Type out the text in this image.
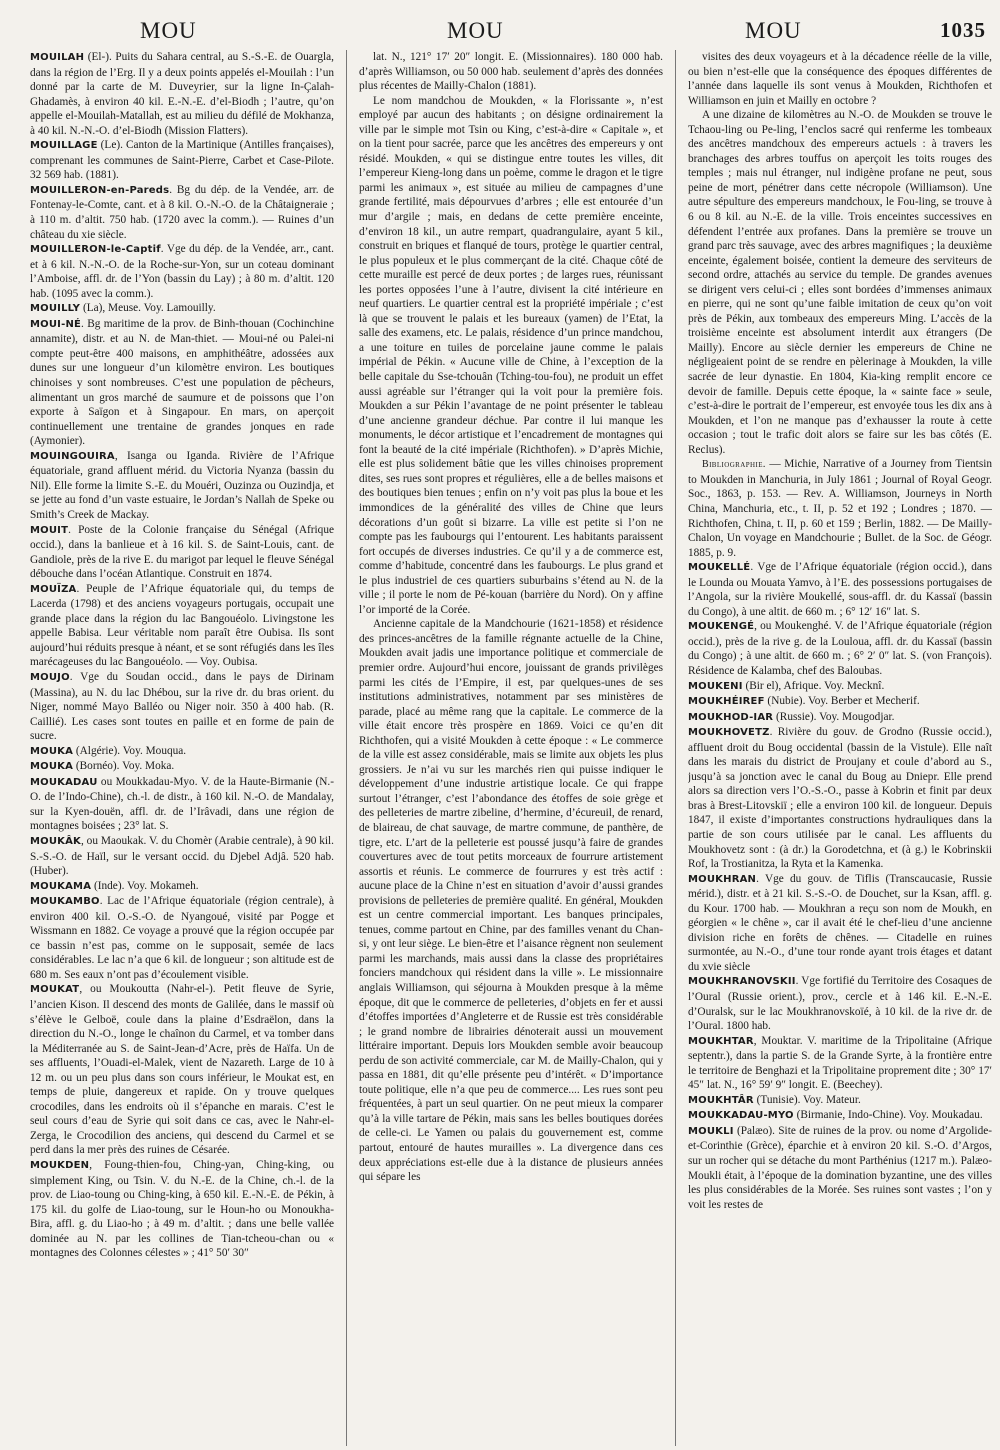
MOU	MOU	MOU	1035

MOUILAH (El-). Puits du Sahara central, au S.-S.-E. de Ouargla, dans la région de l’Erg. Il y a deux points appelés el-Mouilah : l’un donné par la carte de M. Duveyrier, sur la ligne In-Çalah-Ghadamès, à environ 40 kil. E.-N.-E. d’el-Biodh ; l’autre, qu’on appelle el-Mouilah-Matallah, est au milieu du défilé de Mokhanza, à 40 kil. N.-N.-O. d’el-Biodh (Mission Flatters).

MOUILLAGE (Le). Canton de la Martinique (Antilles françaises), comprenant les communes de Saint-Pierre, Carbet et Case-Pilote. 32 569 hab. (1881).

MOUILLERON-en-Pareds. Bg du dép. de la Vendée, arr. de Fontenay-le-Comte, cant. et à 8 kil. O.-N.-O. de la Châtaigneraie ; à 110 m. d’altit. 750 hab. (1720 avec la comm.). — Ruines d’un château du xie siècle.

MOUILLERON-le-Captif. Vge du dép. de la Vendée, arr., cant. et à 6 kil. N.-N.-O. de la Roche-sur-Yon, sur un coteau dominant l’Amboise, affl. dr. de l’Yon (bassin du Lay) ; à 80 m. d’altit. 120 hab. (1095 avec la comm.).

MOUILLY (La), Meuse. Voy. Lamouilly.

MOUI-NÉ. Bg maritime de la prov. de Binh-thouan (Cochinchine annamite), distr. et au N. de Man-thiet. — Moui-né ou Palei-ni compte peut-être 400 maisons, en amphithéâtre, adossées aux dunes sur une longueur d’un kilomètre environ. Les boutiques chinoises y sont nombreuses. C’est une population de pêcheurs, alimentant un gros marché de saumure et de poissons que l’on exporte à Saïgon et à Singapour. En mars, on aperçoit continuellement une trentaine de grandes jonques en rade (Aymonier).

MOUINGOUIRA, Isanga ou Iganda. Rivière de l’Afrique équatoriale, grand affluent mérid. du Victoria Nyanza (bassin du Nil). Elle forme la limite S.-E. du Mouéri, Ouzinza ou Ouzindja, et se jette au fond d’un vaste estuaire, le Jordan’s Nallah de Speke ou Smith’s Creek de Mackay.

MOUIT. Poste de la Colonie française du Sénégal (Afrique occid.), dans la banlieue et à 16 kil. S. de Saint-Louis, cant. de Gandiole, près de la rive E. du marigot par lequel le fleuve Sénégal débouche dans l’océan Atlantique. Construit en 1874.

MOUÏZA. Peuple de l’Afrique équatoriale qui, du temps de Lacerda (1798) et des anciens voyageurs portugais, occupait une grande place dans la région du lac Bangouéolo. Livingstone les appelle Babisa. Leur véritable nom paraît être Oubisa. Ils sont aujourd’hui réduits presque à néant, et se sont réfugiés dans les îles marécageuses du lac Bangouéolo. — Voy. Oubisa.

MOUJO. Vge du Soudan occid., dans le pays de Dirinam (Massina), au N. du lac Dhébou, sur la rive dr. du bras orient. du Niger, nommé Mayo Balléo ou Niger noir. 350 à 400 hab. (R. Caillié). Les cases sont toutes en paille et en forme de pain de sucre.

MOUKA (Algérie). Voy. Mouqua.

MOUKA (Bornéo). Voy. Moka.

MOUKADAU ou Moukkadau-Myo. V. de la Haute-Birmanie (N.-O. de l’Indo-Chine), ch.-l. de distr., à 160 kil. N.-O. de Mandalay, sur la Kyen-douën, affl. dr. de l’Irâvadi, dans une région de montagnes boisées ; 23° lat. S.

MOUKÂK, ou Maoukak. V. du Chomèr (Arabie centrale), à 90 kil. S.-S.-O. de Haïl, sur le versant occid. du Djebel Adjâ. 520 hab. (Huber).

MOUKAMA (Inde). Voy. Mokameh.

MOUKAMBO. Lac de l’Afrique équatoriale (région centrale), à environ 400 kil. O.-S.-O. de Nyangoué, visité par Pogge et Wissmann en 1882. Ce voyage a prouvé que la région occupée par ce bassin n’est pas, comme on le supposait, semée de lacs considérables. Le lac n’a que 6 kil. de longueur ; son altitude est de 680 m. Ses eaux n’ont pas d’écoulement visible.

MOUKAT, ou Moukoutta (Nahr-el-). Petit fleuve de Syrie, l’ancien Kison. Il descend des monts de Galilée, dans le massif où s’élève le Gelboë, coule dans la plaine d’Esdraëlon, dans la direction du N.-O., longe le chaînon du Carmel, et va tomber dans la Méditerranée au S. de Saint-Jean-d’Acre, près de Haïfa. Un de ses affluents, l’Ouadi-el-Malek, vient de Nazareth. Large de 10 à 12 m. ou un peu plus dans son cours inférieur, le Moukat est, en temps de pluie, dangereux et rapide. On y trouve quelques crocodiles, dans les endroits où il s’épanche en marais. C’est le seul cours d’eau de Syrie qui soit dans ce cas, avec le Nahr-el-Zerga, le Crocodilion des anciens, qui descend du Carmel et se perd dans la mer près des ruines de Césarée.

MOUKDEN, Foung-thien-fou, Ching-yan, Ching-king, ou simplement King, ou Tsin. V. du N.-E. de la Chine, ch.-l. de la prov. de Liao-toung ou Ching-king, à 650 kil. E.-N.-E. de Pékin, à 175 kil. du golfe de Liao-toung, sur le Houn-ho ou Monoukha-Bira, affl. g. du Liao-ho ; à 49 m. d’altit. ; dans une belle vallée dominée au N. par les collines de Tian-tcheou-chan ou « montagnes des Colonnes célestes » ; 41° 50′ 30″

lat. N., 121° 17′ 20″ longit. E. (Missionnaires). 180 000 hab. d’après Williamson, ou 50 000 hab. seulement d’après des données plus récentes de Mailly-Chalon (1881).

Le nom mandchou de Moukden, « la Florissante », n’est employé par aucun des habitants ; on désigne ordinairement la ville par le simple mot Tsin ou King, c’est-à-dire « Capitale », et on la tient pour sacrée, parce que les ancêtres des empereurs y ont résidé. Moukden, « qui se distingue entre toutes les villes, dit l’empereur Kieng-long dans un poème, comme le dragon et le tigre parmi les animaux », est située au milieu de campagnes d’une grande fertilité, mais dépourvues d’arbres ; elle est entourée d’un mur d’argile ; mais, en dedans de cette première enceinte, d’environ 18 kil., un autre rempart, quadrangulaire, ayant 5 kil., construit en briques et flanqué de tours, protège le quartier central, le plus populeux et le plus commerçant de la cité. Chaque côté de cette muraille est percé de deux portes ; de larges rues, réunissant les portes opposées l’une à l’autre, divisent la cité intérieure en neuf quartiers. Le quartier central est la propriété impériale ; c’est là que se trouvent le palais et les bureaux (yamen) de l’Etat, la salle des examens, etc. Le palais, résidence d’un prince mandchou, a une toiture en tuiles de porcelaine jaune comme le palais impérial de Pékin. « Aucune ville de Chine, à l’exception de la belle capitale du Sse-tchouân (Tching-tou-fou), ne produit un effet aussi agréable sur l’étranger qui la voit pour la première fois. Moukden a sur Pékin l’avantage de ne point présenter le tableau d’une ancienne grandeur déchue. Par contre il lui manque les monuments, le décor artistique et l’encadrement de montagnes qui font la beauté de la cité impériale (Richthofen). » D’après Michie, elle est plus solidement bâtie que les villes chinoises proprement dites, ses rues sont propres et régulières, elle a de belles maisons et des boutiques bien tenues ; enfin on n’y voit pas plus la boue et les immondices de la généralité des villes de Chine que leurs décorations d’un goût si bizarre. La ville est petite si l’on ne compte pas les faubourgs qui l’entourent. Les habitants paraissent fort occupés de diverses industries. Ce qu’il y a de commerce est, comme d’habitude, concentré dans les faubourgs. Le plus grand et le plus industriel de ces quartiers suburbains s’étend au N. de la ville ; il porte le nom de Pé-kouan (barrière du Nord). On y affine l’or importé de la Corée.

Ancienne capitale de la Mandchourie (1621-1858) et résidence des princes-ancêtres de la famille régnante actuelle de la Chine, Moukden avait jadis une importance politique et commerciale de premier ordre. Aujourd’hui encore, jouissant de grands privilèges parmi les cités de l’Empire, il est, par quelques-unes de ses institutions administratives, notamment par ses ministères de parade, placé au même rang que la capitale. Le commerce de la ville était encore très prospère en 1869. Voici ce qu’en dit Richthofen, qui a visité Moukden à cette époque : « Le commerce de la ville est assez considérable, mais se limite aux objets les plus grossiers. Je n’ai vu sur les marchés rien qui puisse indiquer le développement d’une industrie artistique locale. Ce qui frappe surtout l’étranger, c’est l’abondance des étoffes de soie grège et des pelleteries de martre zibeline, d’hermine, d’écureuil, de renard, de blaireau, de chat sauvage, de martre commune, de panthère, de tigre, etc. L’art de la pelleterie est poussé jusqu’à faire de grandes couvertures avec de tout petits morceaux de fourrure artistement assortis et réunis. Le commerce de fourrures y est très actif : aucune place de la Chine n’est en situation d’avoir d’aussi grandes provisions de pelleteries de première qualité. En général, Moukden est un centre commercial important. Les banques principales, tenues, comme partout en Chine, par des familles venant du Chan-si, y ont leur siège. Le bien-être et l’aisance règnent non seulement parmi les marchands, mais aussi dans la classe des propriétaires fonciers mandchoux qui résident dans la ville ». Le missionnaire anglais Williamson, qui séjourna à Moukden presque à la même époque, dit que le commerce de pelleteries, d’objets en fer et aussi d’étoffes importées d’Angleterre et de Russie est très considérable ; le grand nombre de librairies dénoterait aussi un mouvement littéraire important. Depuis lors Moukden semble avoir beaucoup perdu de son activité commerciale, car M. de Mailly-Chalon, qui y passa en 1881, dit qu’elle présente peu d’intérêt. « D’importance toute politique, elle n’a que peu de commerce.... Les rues sont peu fréquentées, à part un seul quartier. On ne peut mieux la comparer qu’à la ville tartare de Pékin, mais sans les belles boutiques dorées de celle-ci. Le Yamen ou palais du gouvernement est, comme partout, entouré de hautes murailles ». La divergence dans ces deux appréciations est-elle due à la distance de plusieurs années qui sépare les

visites des deux voyageurs et à la décadence réelle de la ville, ou bien n’est-elle que la conséquence des époques différentes de l’année dans laquelle ils sont venus à Moukden, Richthofen et Williamson en juin et Mailly en octobre ?

A une dizaine de kilomètres au N.-O. de Moukden se trouve le Tchaou-ling ou Pe-ling, l’enclos sacré qui renferme les tombeaux des ancêtres mandchoux des empereurs actuels : à travers les branchages des arbres touffus on aperçoit les toits rouges des temples ; mais nul étranger, nul indigène profane ne peut, sous peine de mort, pénétrer dans cette nécropole (Williamson). Une autre sépulture des empereurs mandchoux, le Fou-ling, se trouve à 6 ou 8 kil. au N.-E. de la ville. Trois enceintes successives en défendent l’entrée aux profanes. Dans la première se trouve un grand parc très sauvage, avec des arbres magnifiques ; la deuxième enceinte, également boisée, contient la demeure des serviteurs de second ordre, attachés au service du temple. De grandes avenues se dirigent vers celui-ci ; elles sont bordées d’immenses animaux en pierre, qui ne sont qu’une faible imitation de ceux qu’on voit près de Pékin, aux tombeaux des empereurs Ming. L’accès de la troisième enceinte est absolument interdit aux étrangers (De Mailly). Encore au siècle dernier les empereurs de Chine ne négligeaient point de se rendre en pèlerinage à Moukden, la ville sacrée de leur dynastie. En 1804, Kia-king remplit encore ce devoir de famille. Depuis cette époque, la « sainte face » seule, c’est-à-dire le portrait de l’empereur, est envoyée tous les dix ans à Moukden, et l’on ne manque pas d’exhausser la route à cette occasion ; tout le trafic doit alors se faire sur les bas côtés (E. Reclus).

Bibliographie. — Michie, Narrative of a Journey from Tientsin to Moukden in Manchuria, in July 1861 ; Journal of Royal Geogr. Soc., 1863, p. 153. — Rev. A. Williamson, Journeys in North China, Manchuria, etc., t. II, p. 52 et 192 ; Londres ; 1870. — Richthofen, China, t. II, p. 60 et 159 ; Berlin, 1882. — De Mailly-Chalon, Un voyage en Mandchourie ; Bullet. de la Soc. de Géogr. 1885, p. 9.

MOUKELLÉ. Vge de l’Afrique équatoriale (région occid.), dans le Lounda ou Mouata Yamvo, à l’E. des possessions portugaises de l’Angola, sur la rivière Moukellé, sous-affl. dr. du Kassaï (bassin du Congo), à une altit. de 660 m. ; 6° 12′ 16″ lat. S.

MOUKENGÉ, ou Moukenghé. V. de l’Afrique équatoriale (région occid.), près de la rive g. de la Louloua, affl. dr. du Kassaï (bassin du Congo) ; à une altit. de 660 m. ; 6° 2′ 0″ lat. S. (von François). Résidence de Kalamba, chef des Baloubas.

MOUKENI (Bir el), Afrique. Voy. Mecknî.

MOUKHÉIREF (Nubie). Voy. Berber et Mecherif.

MOUKHOD-IAR (Russie). Voy. Mougodjar.

MOUKHOVETZ. Rivière du gouv. de Grodno (Russie occid.), affluent droit du Boug occidental (bassin de la Vistule). Elle naît dans les marais du district de Proujany et coule d’abord au S., jusqu’à sa jonction avec le canal du Boug au Dniepr. Elle prend alors sa direction vers l’O.-S.-O., passe à Kobrin et finit par deux bras à Brest-Litovskiï ; elle a environ 100 kil. de longueur. Depuis 1847, il existe d’importantes constructions hydrauliques dans la partie de son cours utilisée par le canal. Les affluents du Moukhovetz sont : (à dr.) la Gorodetchna, et (à g.) le Kobrinskii Rof, la Trostianitza, la Ryta et la Kamenka.

MOUKHRAN. Vge du gouv. de Tiflis (Transcaucasie, Russie mérid.), distr. et à 21 kil. S.-S.-O. de Douchet, sur la Ksan, affl. g. du Kour. 1700 hab. — Moukhran a reçu son nom de Moukh, en géorgien « le chêne », car il avait été le chef-lieu d’une ancienne division riche en forêts de chênes. — Citadelle en ruines surmontée, au N.-O., d’une tour ronde ayant trois étages et datant du xvie siècle

MOUKHRANOVSKII. Vge fortifié du Territoire des Cosaques de l’Oural (Russie orient.), prov., cercle et à 146 kil. E.-N.-E. d’Ouralsk, sur le lac Moukhranovskoïé, à 10 kil. de la rive dr. de l’Oural. 1800 hab.

MOUKHTAR, Mouktar. V. maritime de la Tripolitaine (Afrique septentr.), dans la partie S. de la Grande Syrte, à la frontière entre le territoire de Benghazi et la Tripolitaine proprement dite ; 30° 17′ 45″ lat. N., 16° 59′ 9″ longit. E. (Beechey).

MOUKHTÂR (Tunisie). Voy. Mateur.

MOUKKADAU-MYO (Birmanie, Indo-Chine). Voy. Moukadau.

MOUKLI (Palæo). Site de ruines de la prov. ou nome d’Argolide-et-Corinthie (Grèce), éparchie et à environ 20 kil. S.-O. d’Argos, sur un rocher qui se détache du mont Parthénius (1217 m.). Palæo-Moukli était, à l’époque de la domination byzantine, une des villes les plus considérables de la Morée. Ses ruines sont vastes ; l’on y voit les restes de
